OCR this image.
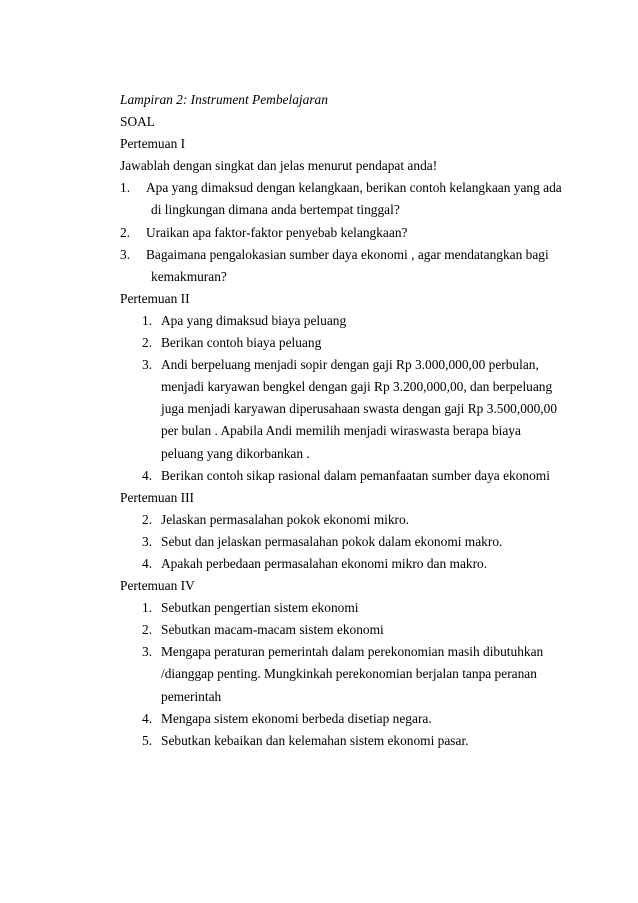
Lampiran 2: Instrument Pembelajaran
SOAL
Pertemuan I
Jawablah dengan singkat dan jelas menurut pendapat anda!
1. Apa yang dimaksud dengan kelangkaan, berikan contoh kelangkaan yang ada
di lingkungan dimana anda bertempat tinggal?
2. Uraikan apa faktor-faktor penyebab kelangkaan?
3. Bagaimana pengalokasian sumber daya ekonomi , agar mendatangkan bagi
kemakmuran?
Pertemuan II
1. Apa yang dimaksud biaya peluang
2. Berikan contoh biaya peluang
3. Andi berpeluang menjadi sopir dengan gaji Rp 3.000,000,00 perbulan,
menjadi karyawan bengkel dengan gaji Rp 3.200,000,00, dan berpeluang
juga menjadi karyawan diperusahaan swasta dengan gaji Rp 3.500,000,00
per bulan . Apabila Andi memilih menjadi wiraswasta berapa biaya
peluang yang dikorbankan .
4. Berikan contoh sikap rasional dalam pemanfaatan sumber daya ekonomi
Pertemuan III
2. Jelaskan permasalahan pokok ekonomi mikro.
3. Sebut dan jelaskan permasalahan pokok dalam ekonomi makro.
4. Apakah perbedaan permasalahan ekonomi mikro dan makro.
Pertemuan IV
1. Sebutkan pengertian sistem ekonomi
2. Sebutkan macam-macam sistem ekonomi
3. Mengapa peraturan pemerintah dalam perekonomian masih dibutuhkan
/dianggap penting. Mungkinkah perekonomian berjalan tanpa peranan
pemerintah
4. Mengapa sistem ekonomi berbeda disetiap negara.
5. Sebutkan kebaikan dan kelemahan sistem ekonomi pasar.
